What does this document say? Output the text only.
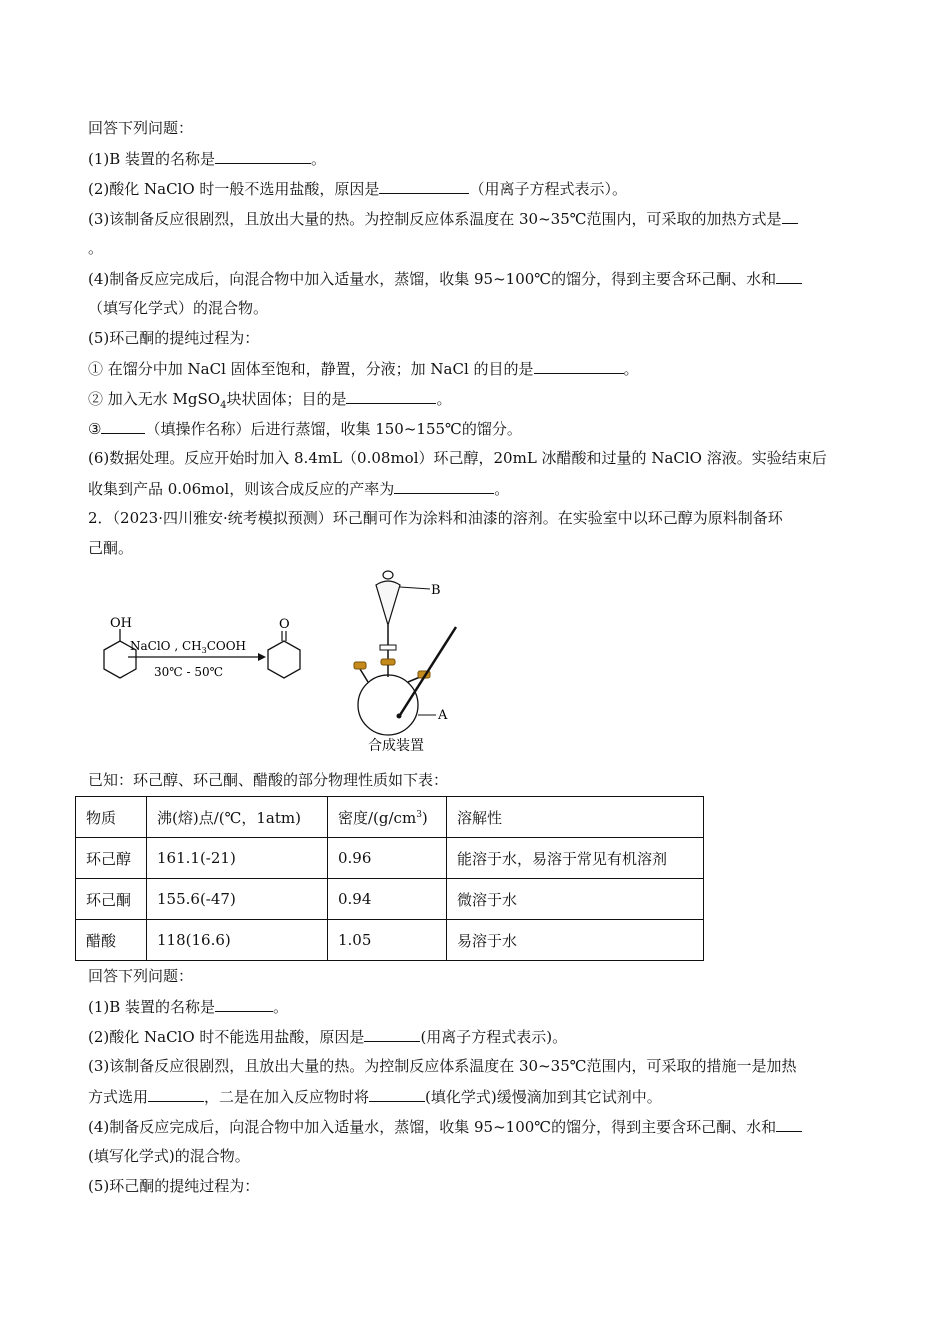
回答下列问题：
(1)B 装置的名称是	。
(2)酸化 NaClO 时一般不选用盐酸，原因是	（用离子方程式表示）。
(3)该制备反应很剧烈，且放出大量的热。为控制反应体系温度在 30~35℃范围内，可采取的加热方式是
。
(4)制备反应完成后，向混合物中加入适量水，蒸馏，收集 95~100℃的馏分，得到主要含环己酮、水和
（填写化学式）的混合物。
(5)环己酮的提纯过程为：
① 在馏分中加 NaCl 固体至饱和，静置，分液；加 NaCl 的目的是	。
② 加入无水 MgSO$_4$块状固体；目的是	。
③	（填操作名称）后进行蒸馏，收集 150~155℃的馏分。
(6)数据处理。反应开始时加入 8.4mL（0.08mol）环己醇，20mL 冰醋酸和过量的 NaClO 溶液。实验结束后
收集到产品 0.06mol，则该合成反应的产率为	。
2．（2023·四川雅安·统考模拟预测）环己酮可作为涂料和油漆的溶剂。在实验室中以环己醇为原料制备环
己酮。
OH
NaClO , $CH_3COOH$
30℃ - 50℃
O
B
A
合成装置
已知：环己醇、环己酮、醋酸的部分物理性质如下表：
物质	沸(熔)点/(℃，1atm)	密度$/(g/cm^3)$	溶解性
环己醇	161.1(-21)	0.96	能溶于水，易溶于常见有机溶剂
环己酮	155.6(-47)	0.94	微溶于水
醋酸	118(16.6)	1.05	易溶于水
回答下列问题：
(1)B 装置的名称是	。
(2)酸化 NaClO 时不能选用盐酸，原因是	(用离子方程式表示)。
(3)该制备反应很剧烈，且放出大量的热。为控制反应体系温度在 30~35℃范围内，可采取的措施一是加热
方式选用	，二是在加入反应物时将	(填化学式)缓慢滴加到其它试剂中。
(4)制备反应完成后，向混合物中加入适量水，蒸馏，收集 95~100℃的馏分，得到主要含环己酮、水和
(填写化学式)的混合物。
(5)环己酮的提纯过程为：
